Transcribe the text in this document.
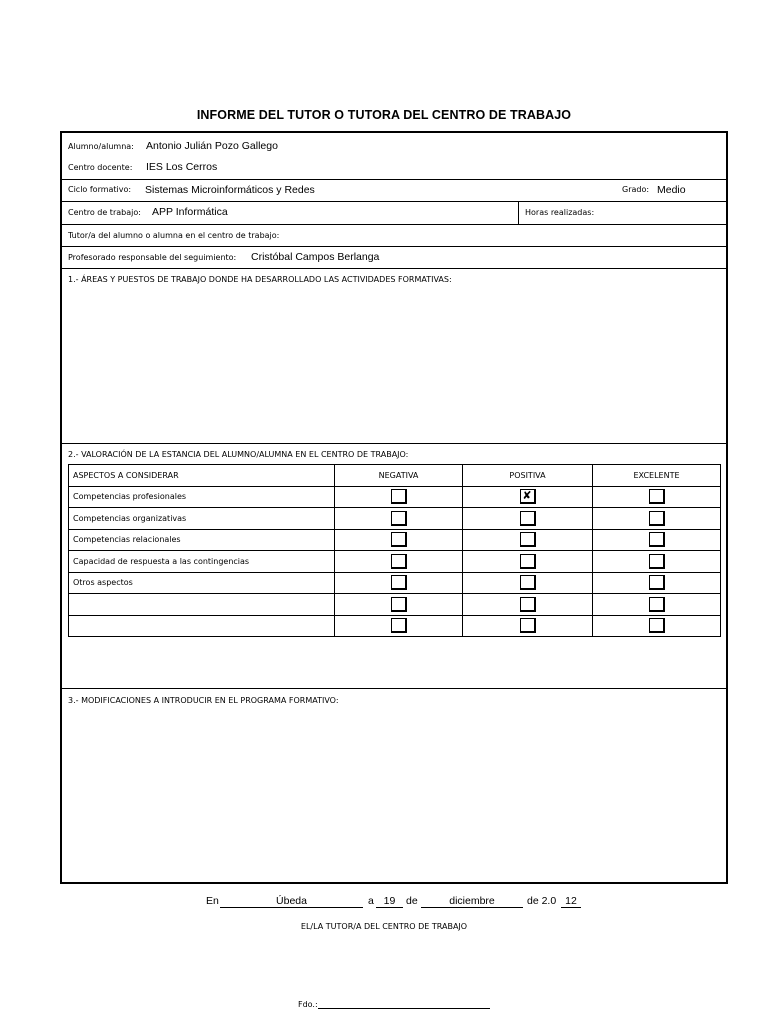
INFORME DEL TUTOR O TUTORA DEL CENTRO DE TRABAJO
Alumno/alumna: Antonio Julián Pozo Gallego
Centro docente: IES Los Cerros
Ciclo formativo: Sistemas Microinformáticos y Redes	Grado: Medio
Centro de trabajo: APP Informática	Horas realizadas:
Tutor/a del alumno o alumna en el centro de trabajo:
Profesorado responsable del seguimiento: Cristóbal Campos Berlanga
1.- ÁREAS Y PUESTOS DE TRABAJO DONDE HA DESARROLLADO LAS ACTIVIDADES FORMATIVAS:
2.- VALORACIÓN DE LA ESTANCIA DEL ALUMNO/ALUMNA EN EL CENTRO DE TRABAJO:
ASPECTOS A CONSIDERAR	NEGATIVA	POSITIVA	EXCELENTE
Competencias profesionales		✘	

Competencias organizativas			
Competencias relacionales			
Capacidad de respuesta a las contingencias			
Otros aspectos			

3.- MODIFICACIONES A INTRODUCIR EN EL PROGRAMA FORMATIVO:
En	Úbeda	a 19	de	diciembre	de 2.0 12
EL/LA TUTOR/A DEL CENTRO DE TRABAJO
Fdo.:
